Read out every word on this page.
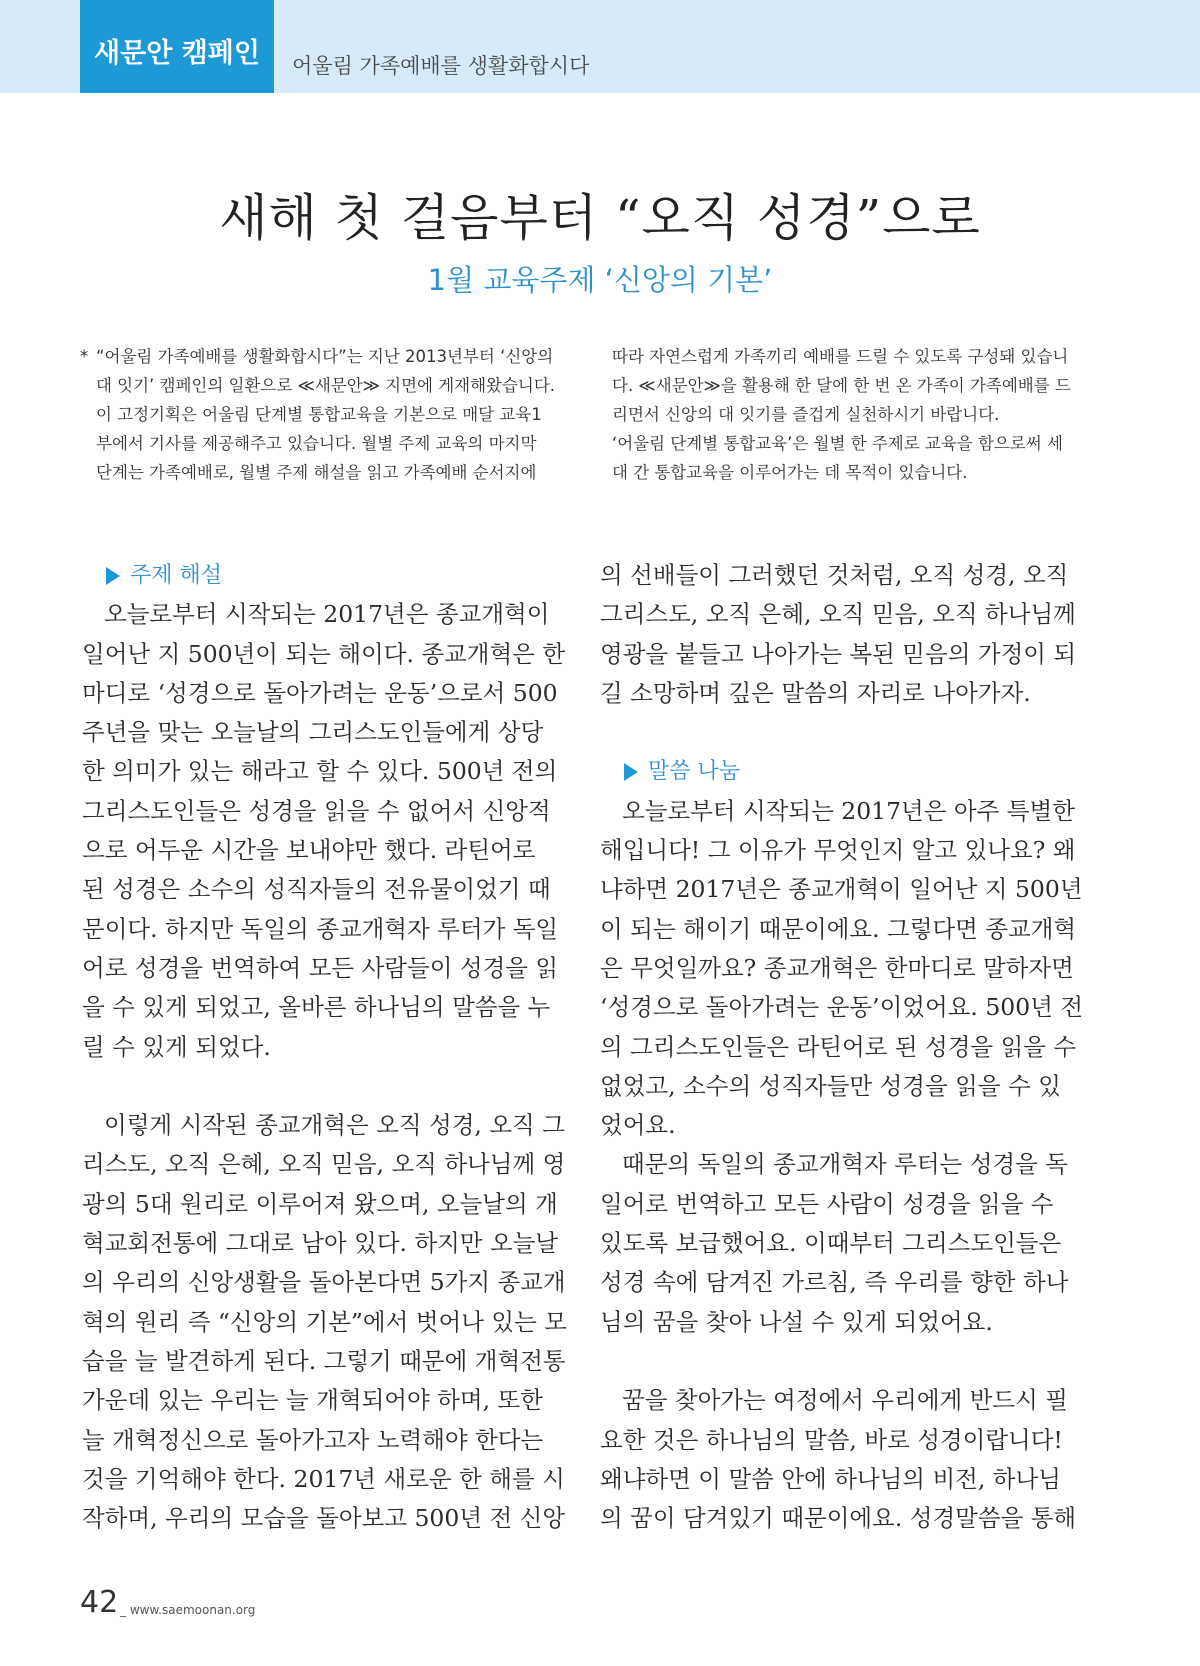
새문안 캠페인	어울림 가족예배를 생활화합시다
새해 첫 걸음부터 “오직 성경”으로
1월 교육주제 ‘신앙의 기본’
* “어울림 가족예배를 생활화합시다”는 지난 2013년부터 ‘신앙의
대 잇기’ 캠페인의 일환으로 ≪새문안≫ 지면에 게재해왔습니다.
이 고정기획은 어울림 단계별 통합교육을 기본으로 매달 교육1
부에서 기사를 제공해주고 있습니다. 월별 주제 교육의 마지막
단계는 가족예배로, 월별 주제 해설을 읽고 가족예배 순서지에
따라 자연스럽게 가족끼리 예배를 드릴 수 있도록 구성돼 있습니
다. ≪새문안≫을 활용해 한 달에 한 번 온 가족이 가족예배를 드
리면서 신앙의 대 잇기를 즐겁게 실천하시기 바랍니다.
‘어울림 단계별 통합교육’은 월별 한 주제로 교육을 함으로써 세
대 간 통합교육을 이루어가는 데 목적이 있습니다.
주제 해설
오늘로부터 시작되는 2017년은 종교개혁이
일어난 지 500년이 되는 해이다. 종교개혁은 한
마디로 ‘성경으로 돌아가려는 운동’으로서 500
주년을 맞는 오늘날의 그리스도인들에게 상당
한 의미가 있는 해라고 할 수 있다. 500년 전의
그리스도인들은 성경을 읽을 수 없어서 신앙적
으로 어두운 시간을 보내야만 했다. 라틴어로
된 성경은 소수의 성직자들의 전유물이었기 때
문이다. 하지만 독일의 종교개혁자 루터가 독일
어로 성경을 번역하여 모든 사람들이 성경을 읽
을 수 있게 되었고, 올바른 하나님의 말씀을 누
릴 수 있게 되었다.
이렇게 시작된 종교개혁은 오직 성경, 오직 그
리스도, 오직 은혜, 오직 믿음, 오직 하나님께 영
광의 5대 원리로 이루어져 왔으며, 오늘날의 개
혁교회전통에 그대로 남아 있다. 하지만 오늘날
의 우리의 신앙생활을 돌아본다면 5가지 종교개
혁의 원리 즉 “신앙의 기본”에서 벗어나 있는 모
습을 늘 발견하게 된다. 그렇기 때문에 개혁전통
가운데 있는 우리는 늘 개혁되어야 하며, 또한
늘 개혁정신으로 돌아가고자 노력해야 한다는
것을 기억해야 한다. 2017년 새로운 한 해를 시
작하며, 우리의 모습을 돌아보고 500년 전 신앙
의 선배들이 그러했던 것처럼, 오직 성경, 오직
그리스도, 오직 은혜, 오직 믿음, 오직 하나님께
영광을 붙들고 나아가는 복된 믿음의 가정이 되
길 소망하며 깊은 말씀의 자리로 나아가자.
말씀 나눔
오늘로부터 시작되는 2017년은 아주 특별한
해입니다! 그 이유가 무엇인지 알고 있나요? 왜
냐하면 2017년은 종교개혁이 일어난 지 500년
이 되는 해이기 때문이에요. 그렇다면 종교개혁
은 무엇일까요? 종교개혁은 한마디로 말하자면
‘성경으로 돌아가려는 운동’이었어요. 500년 전
의 그리스도인들은 라틴어로 된 성경을 읽을 수
없었고, 소수의 성직자들만 성경을 읽을 수 있
었어요.
때문의 독일의 종교개혁자 루터는 성경을 독
일어로 번역하고 모든 사람이 성경을 읽을 수
있도록 보급했어요. 이때부터 그리스도인들은
성경 속에 담겨진 가르침, 즉 우리를 향한 하나
님의 꿈을 찾아 나설 수 있게 되었어요.
꿈을 찾아가는 여정에서 우리에게 반드시 필
요한 것은 하나님의 말씀, 바로 성경이랍니다!
왜냐하면 이 말씀 안에 하나님의 비전, 하나님
의 꿈이 담겨있기 때문이에요. 성경말씀을 통해
42 _ www.saemoonan.org
